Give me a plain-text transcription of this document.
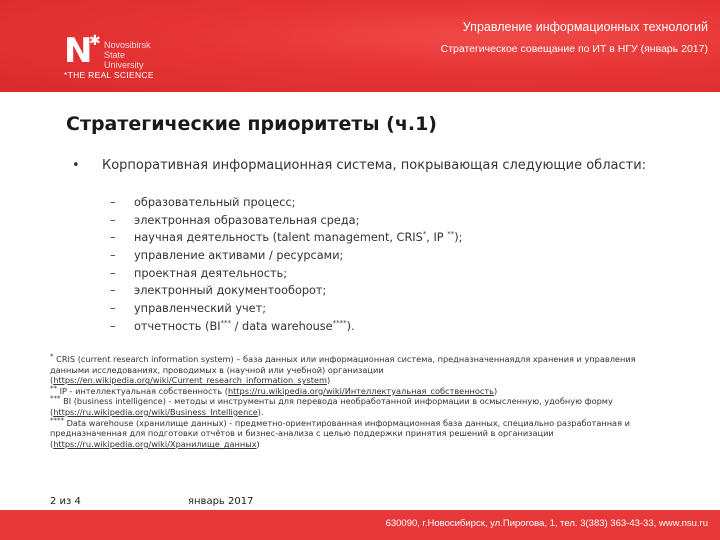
N
✱ Novosibirsk
State
University
*THE REAL SCIENCE
Управление информационных технологий
Стратегическое совещание по ИТ в НГУ (январь 2017)
Стратегические приоритеты (ч.1)
• Корпоративная информационная система, покрывающая следующие области:
– образовательный процесс;
– электронная образовательная среда;
– научная деятельность (talent management, CRIS*, IP **);
– управление активами / ресурсами;
– проектная деятельность;
– электронный документооборот;
– управленческий учет;
– отчетность (BI*** / data warehouse****).
* CRIS (current research information system) – база данных или информационная система, предназначеннаядля хранения и управления данными исследованиях, проводимых в (научной или учебной) организации (https://en.wikipedia.org/wiki/Current_research_information_system)
** IP - интеллектуальная собственность (https://ru.wikipedia.org/wiki/Интеллектуальная_собственность)
*** BI (business intelligence) - методы и инструменты для перевода необработанной информации в осмысленную, удобную форму (https://ru.wikipedia.org/wiki/Business_Intelligence).
**** Data warehouse (хранилище данных) - предметно-ориентированная информационная база данных, специально разработанная и предназначенная для подготовки отчётов и бизнес-анализа с целью поддержки принятия решений в организации (https://ru.wikipedia.org/wiki/Хранилище_данных)
2 из 4	январь 2017
630090, г.Новосибирск, ул.Пирогова, 1, тел. 3(383) 363-43-33, www.nsu.ru
